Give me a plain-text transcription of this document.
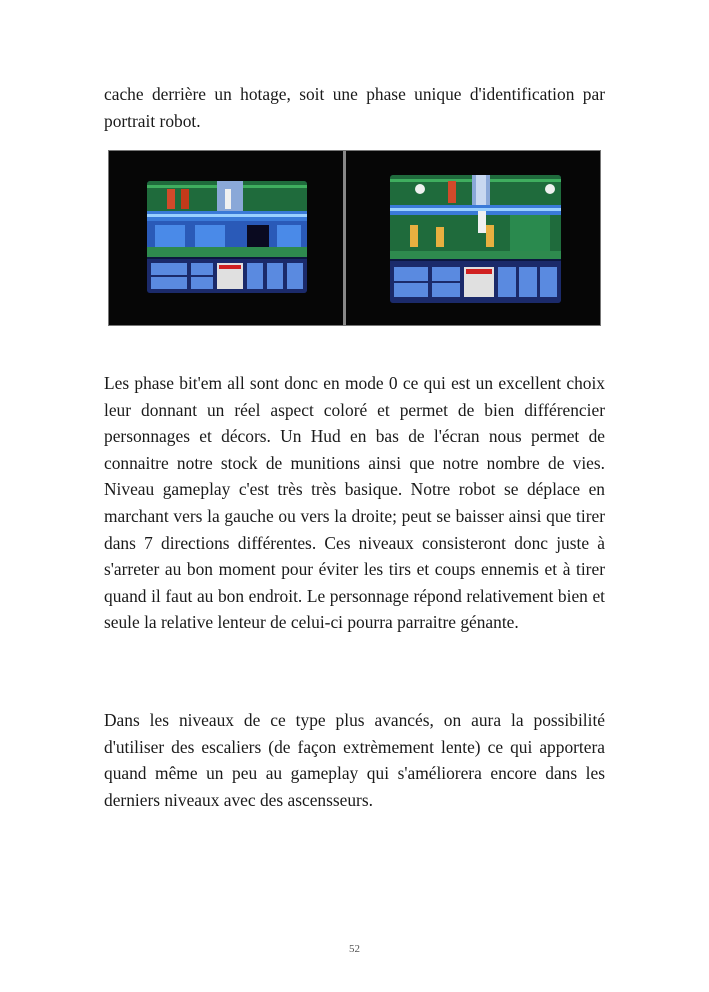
cache derrière un hotage, soit une phase unique d'identification par portrait robot.

Les phase bit'em all sont donc en mode 0 ce qui est un excellent choix leur donnant un réel aspect coloré et permet de bien différencier personnages et décors. Un Hud en bas de l'écran nous permet de connaitre notre stock de munitions ainsi que notre nombre de vies. Niveau gameplay c'est très très basique. Notre robot se déplace en marchant vers la gauche ou vers la droite; peut se baisser ainsi que tirer dans 7 directions différentes. Ces niveaux consisteront donc juste à s'arreter au bon moment pour éviter les tirs et coups ennemis et à tirer quand il faut au bon endroit. Le personnage répond relativement bien et seule la relative lenteur de celui-ci pourra parraitre génante.

Dans les niveaux de ce type plus avancés, on aura la possibilité d'utiliser des escaliers (de façon extrèmement lente) ce qui apportera quand même un peu au gameplay qui s'améliorera encore dans les derniers niveaux avec des ascensseurs.

52
